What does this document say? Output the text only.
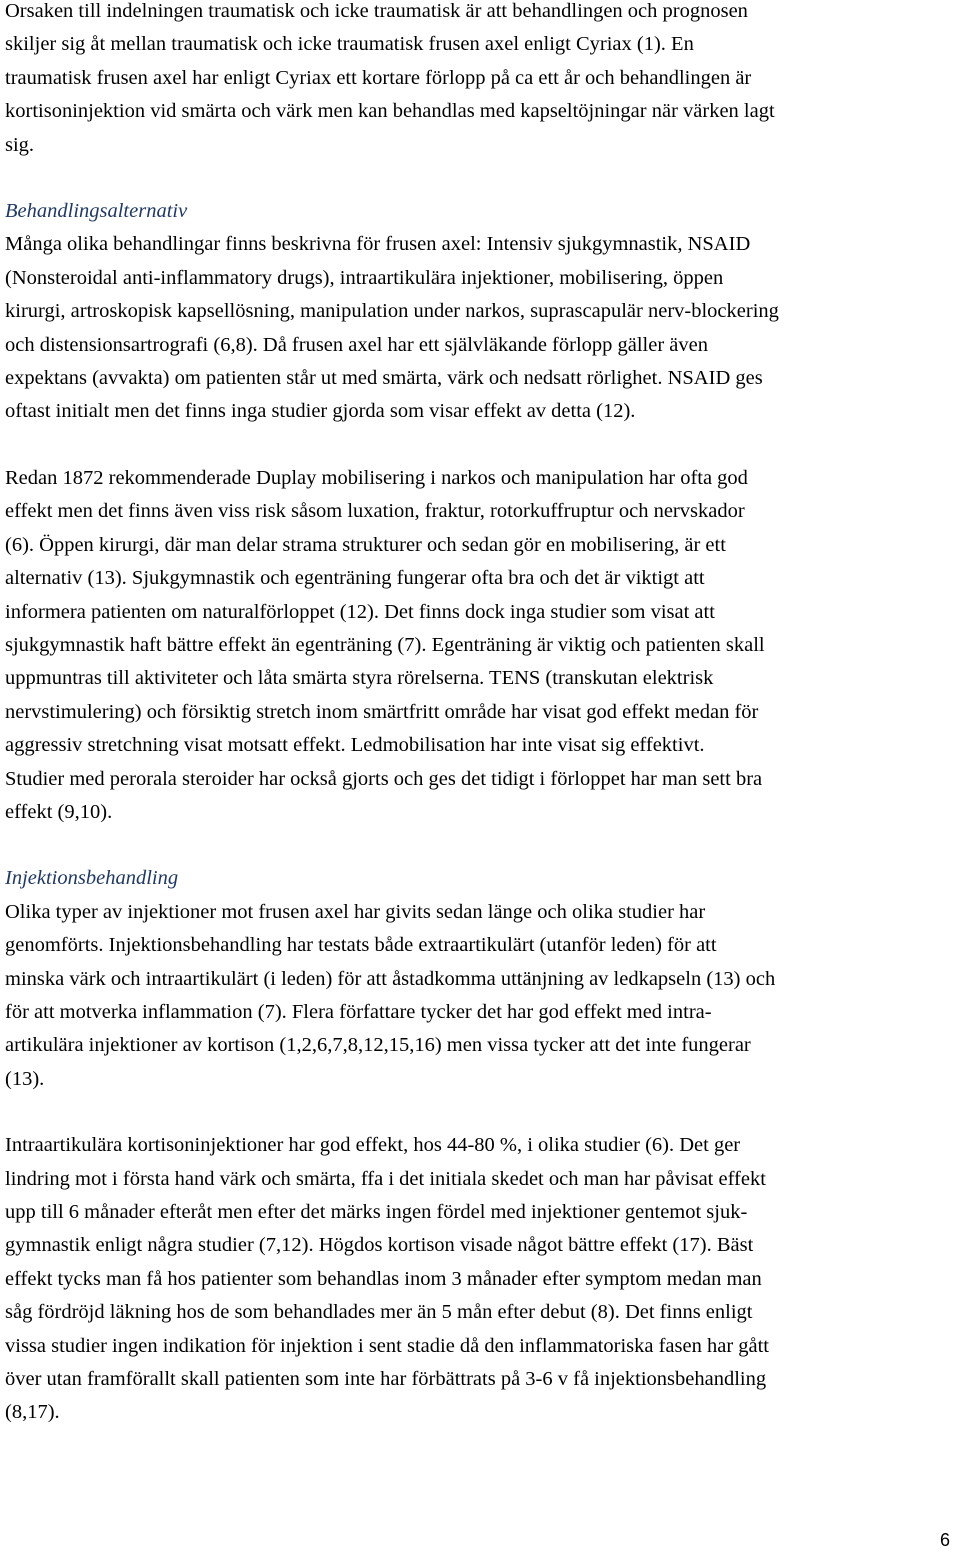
Orsaken till indelningen traumatisk och icke traumatisk är att behandlingen och prognosen
skiljer sig åt mellan traumatisk och icke traumatisk frusen axel enligt Cyriax (1). En
traumatisk frusen axel har enligt Cyriax ett kortare förlopp på ca ett år och behandlingen är
kortisoninjektion vid smärta och värk men kan behandlas med kapseltöjningar när värken lagt
sig.

Behandlingsalternativ

Många olika behandlingar finns beskrivna för frusen axel: Intensiv sjukgymnastik, NSAID
(Nonsteroidal anti-inflammatory drugs), intraartikulära injektioner, mobilisering, öppen
kirurgi, artroskopisk kapsellösning, manipulation under narkos, suprascapulär nerv-blockering
och distensionsartrografi (6,8). Då frusen axel har ett självläkande förlopp gäller även
expektans (avvakta) om patienten står ut med smärta, värk och nedsatt rörlighet. NSAID ges
oftast initialt men det finns inga studier gjorda som visar effekt av detta (12).

Redan 1872 rekommenderade Duplay mobilisering i narkos och manipulation har ofta god
effekt men det finns även viss risk såsom luxation, fraktur, rotorkuffruptur och nervskador
(6). Öppen kirurgi, där man delar strama strukturer och sedan gör en mobilisering, är ett
alternativ (13). Sjukgymnastik och egenträning fungerar ofta bra och det är viktigt att
informera patienten om naturalförloppet (12). Det finns dock inga studier som visat att
sjukgymnastik haft bättre effekt än egenträning (7). Egenträning är viktig och patienten skall
uppmuntras till aktiviteter och låta smärta styra rörelserna. TENS (transkutan elektrisk
nervstimulering) och försiktig stretch inom smärtfritt område har visat god effekt medan för
aggressiv stretchning visat motsatt effekt. Ledmobilisation har inte visat sig effektivt.
Studier med perorala steroider har också gjorts och ges det tidigt i förloppet har man sett bra
effekt (9,10).

Injektionsbehandling

Olika typer av injektioner mot frusen axel har givits sedan länge och olika studier har
genomförts. Injektionsbehandling har testats både extraartikulärt (utanför leden) för att
minska värk och intraartikulärt (i leden) för att åstadkomma uttänjning av ledkapseln (13) och
för att motverka inflammation (7). Flera författare tycker det har god effekt med intra-
artikulära injektioner av kortison (1,2,6,7,8,12,15,16) men vissa tycker att det inte fungerar
(13).

Intraartikulära kortisoninjektioner har god effekt, hos 44-80 %, i olika studier (6). Det ger
lindring mot i första hand värk och smärta, ffa i det initiala skedet och man har påvisat effekt
upp till 6 månader efteråt men efter det märks ingen fördel med injektioner gentemot sjuk-
gymnastik enligt några studier (7,12). Högdos kortison visade något bättre effekt (17). Bäst
effekt tycks man få hos patienter som behandlas inom 3 månader efter symptom medan man
såg fördröjd läkning hos de som behandlades mer än 5 mån efter debut (8). Det finns enligt
vissa studier ingen indikation för injektion i sent stadie då den inflammatoriska fasen har gått
över utan framförallt skall patienten som inte har förbättrats på 3-6 v få injektionsbehandling
(8,17).

6
